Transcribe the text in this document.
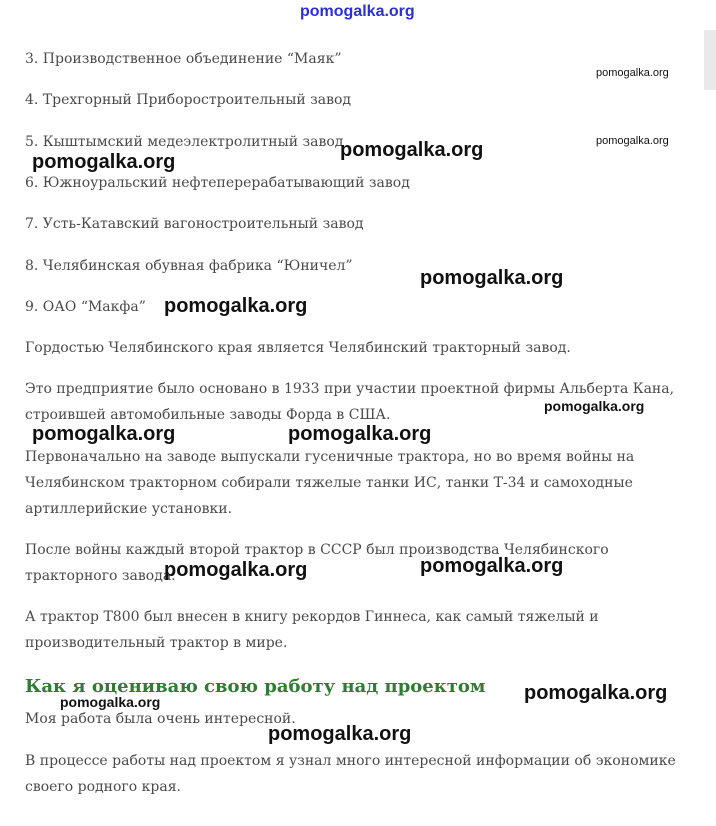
pomogalka.org

3. Производственное объединение “Маяк”

4. Трехгорный Приборостроительный завод

5. Кыштымский медеэлектролитный завод

6. Южноуральский нефтеперерабатывающий завод

7. Усть-Катавский вагоностроительный завод

8. Челябинская обувная фабрика “Юничел”

9. ОАО “Макфа”

Гордостью Челябинского края является Челябинский тракторный завод.

Это предприятие было основано в 1933 при участии проектной фирмы Альберта Кана, строившей автомобильные заводы Форда в США.

Первоначально на заводе выпускали гусеничные трактора, но во время войны на Челябинском тракторном собирали тяжелые танки ИС, танки Т-34 и самоходные артиллерийские установки.

После войны каждый второй трактор в СССР был производства Челябинского тракторного завода.

А трактор Т800 был внесен в книгу рекордов Гиннеса, как самый тяжелый и производительный трактор в мире.

Как я оцениваю свою работу над проектом

Моя работа была очень интересной.

В процессе работы над проектом я узнал много интересной информации об экономике своего родного края.

pomogalka.org
pomogalka.org
pomogalka.org
pomogalka.org
pomogalka.org
pomogalka.org
pomogalka.org
pomogalka.org	pomogalka.org
pomogalka.org
pomogalka.org
pomogalka.org
pomogalka.org
pomogalka.org
